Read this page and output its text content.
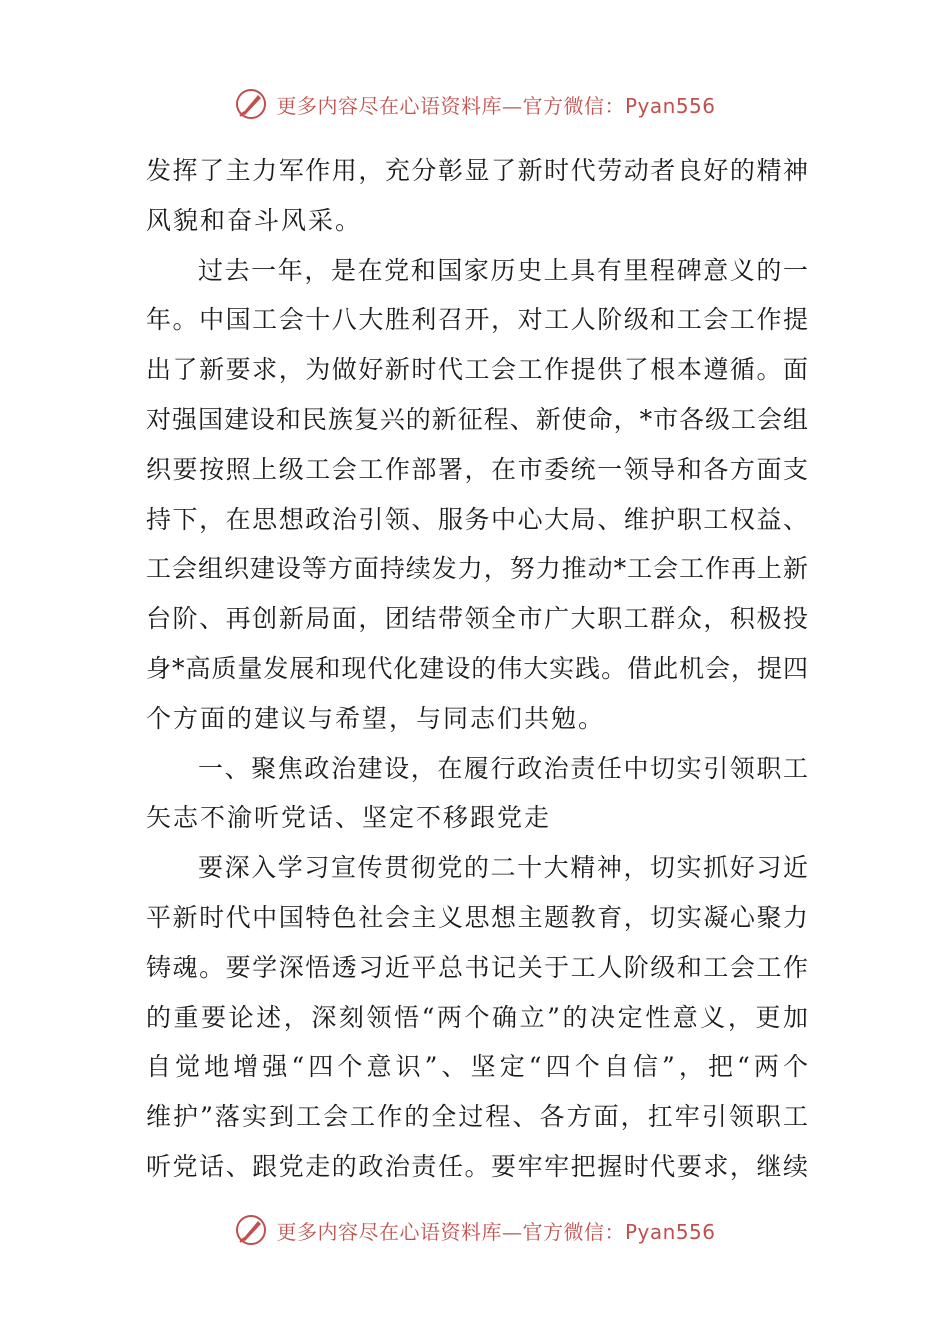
更多内容尽在心语资料库—官方微信：Pyan556
发挥了主力军作用，充分彰显了新时代劳动者良好的精神
风貌和奋斗风采。
过去一年，是在党和国家历史上具有里程碑意义的一
年。中国工会十八大胜利召开，对工人阶级和工会工作提
出了新要求，为做好新时代工会工作提供了根本遵循。面
对强国建设和民族复兴的新征程、新使命，*市各级工会组
织要按照上级工会工作部署，在市委统一领导和各方面支
持下，在思想政治引领、服务中心大局、维护职工权益、
工会组织建设等方面持续发力，努力推动*工会工作再上新
台阶、再创新局面，团结带领全市广大职工群众，积极投
身*高质量发展和现代化建设的伟大实践。借此机会，提四
个方面的建议与希望，与同志们共勉。
一、聚焦政治建设，在履行政治责任中切实引领职工
矢志不渝听党话、坚定不移跟党走
要深入学习宣传贯彻党的二十大精神，切实抓好习近
平新时代中国特色社会主义思想主题教育，切实凝心聚力
铸魂。要学深悟透习近平总书记关于工人阶级和工会工作
的重要论述，深刻领悟“两个确立”的决定性意义，更加
自觉地增强“四个意识”、坚定“四个自信”，把“两个
维护”落实到工会工作的全过程、各方面，扛牢引领职工
听党话、跟党走的政治责任。要牢牢把握时代要求，继续
更多内容尽在心语资料库—官方微信：Pyan556
